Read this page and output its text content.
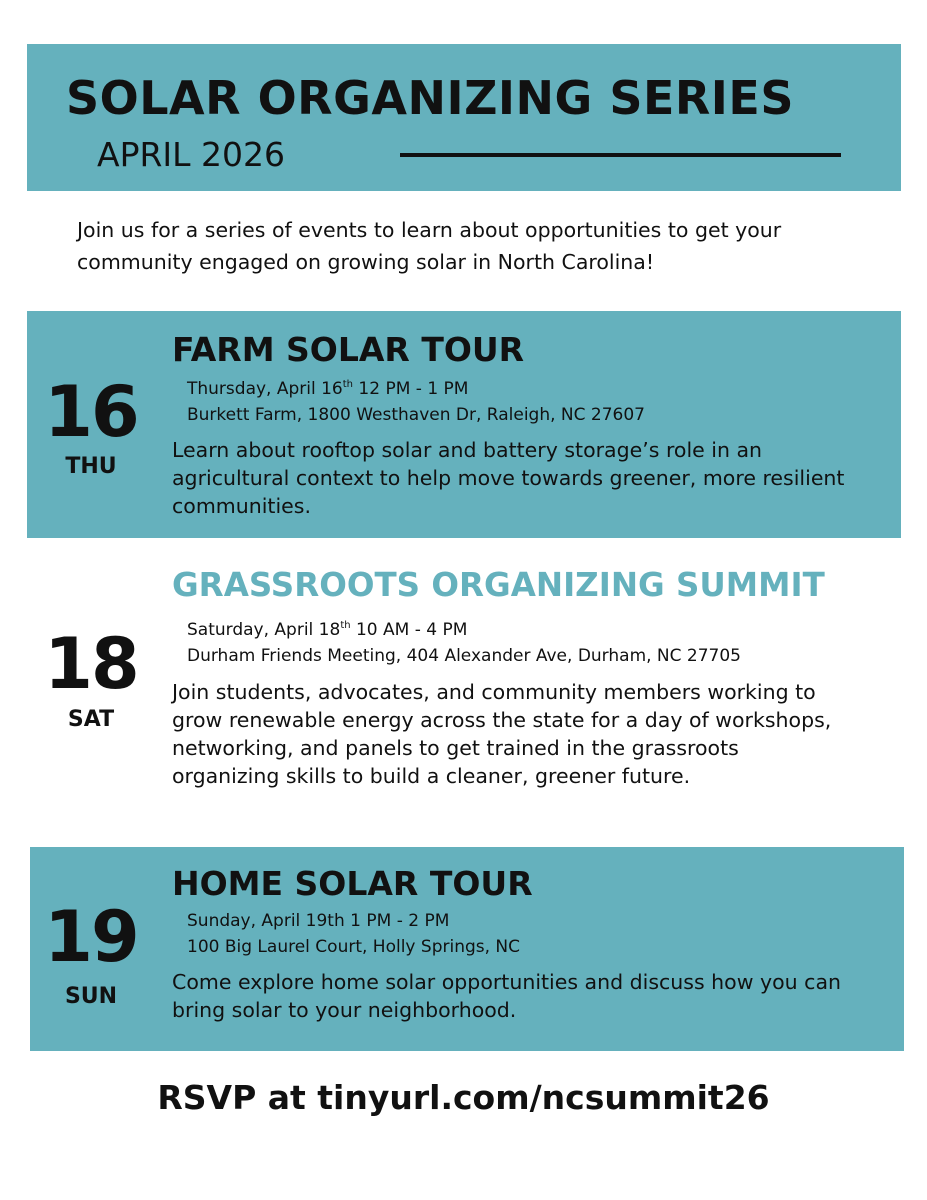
SOLAR ORGANIZING SERIES
APRIL 2026

Join us for a series of events to learn about opportunities to get your community engaged on growing solar in North Carolina!

16
THU
FARM SOLAR TOUR
Thursday, April 16th 12 PM - 1 PM
Burkett Farm, 1800 Westhaven Dr, Raleigh, NC 27607

Learn about rooftop solar and battery storage’s role in an agricultural context to help move towards greener, more resilient communities.

18
SAT
GRASSROOTS ORGANIZING SUMMIT
Saturday, April 18th 10 AM - 4 PM
Durham Friends Meeting, 404 Alexander Ave, Durham, NC 27705

Join students, advocates, and community members working to grow renewable energy across the state for a day of workshops, networking, and panels to get trained in the grassroots organizing skills to build a cleaner, greener future.

19
SUN
HOME SOLAR TOUR
Sunday, April 19th 1 PM - 2 PM
100 Big Laurel Court, Holly Springs, NC

Come explore home solar opportunities and discuss how you can bring solar to your neighborhood.

RSVP at tinyurl.com/ncsummit26
